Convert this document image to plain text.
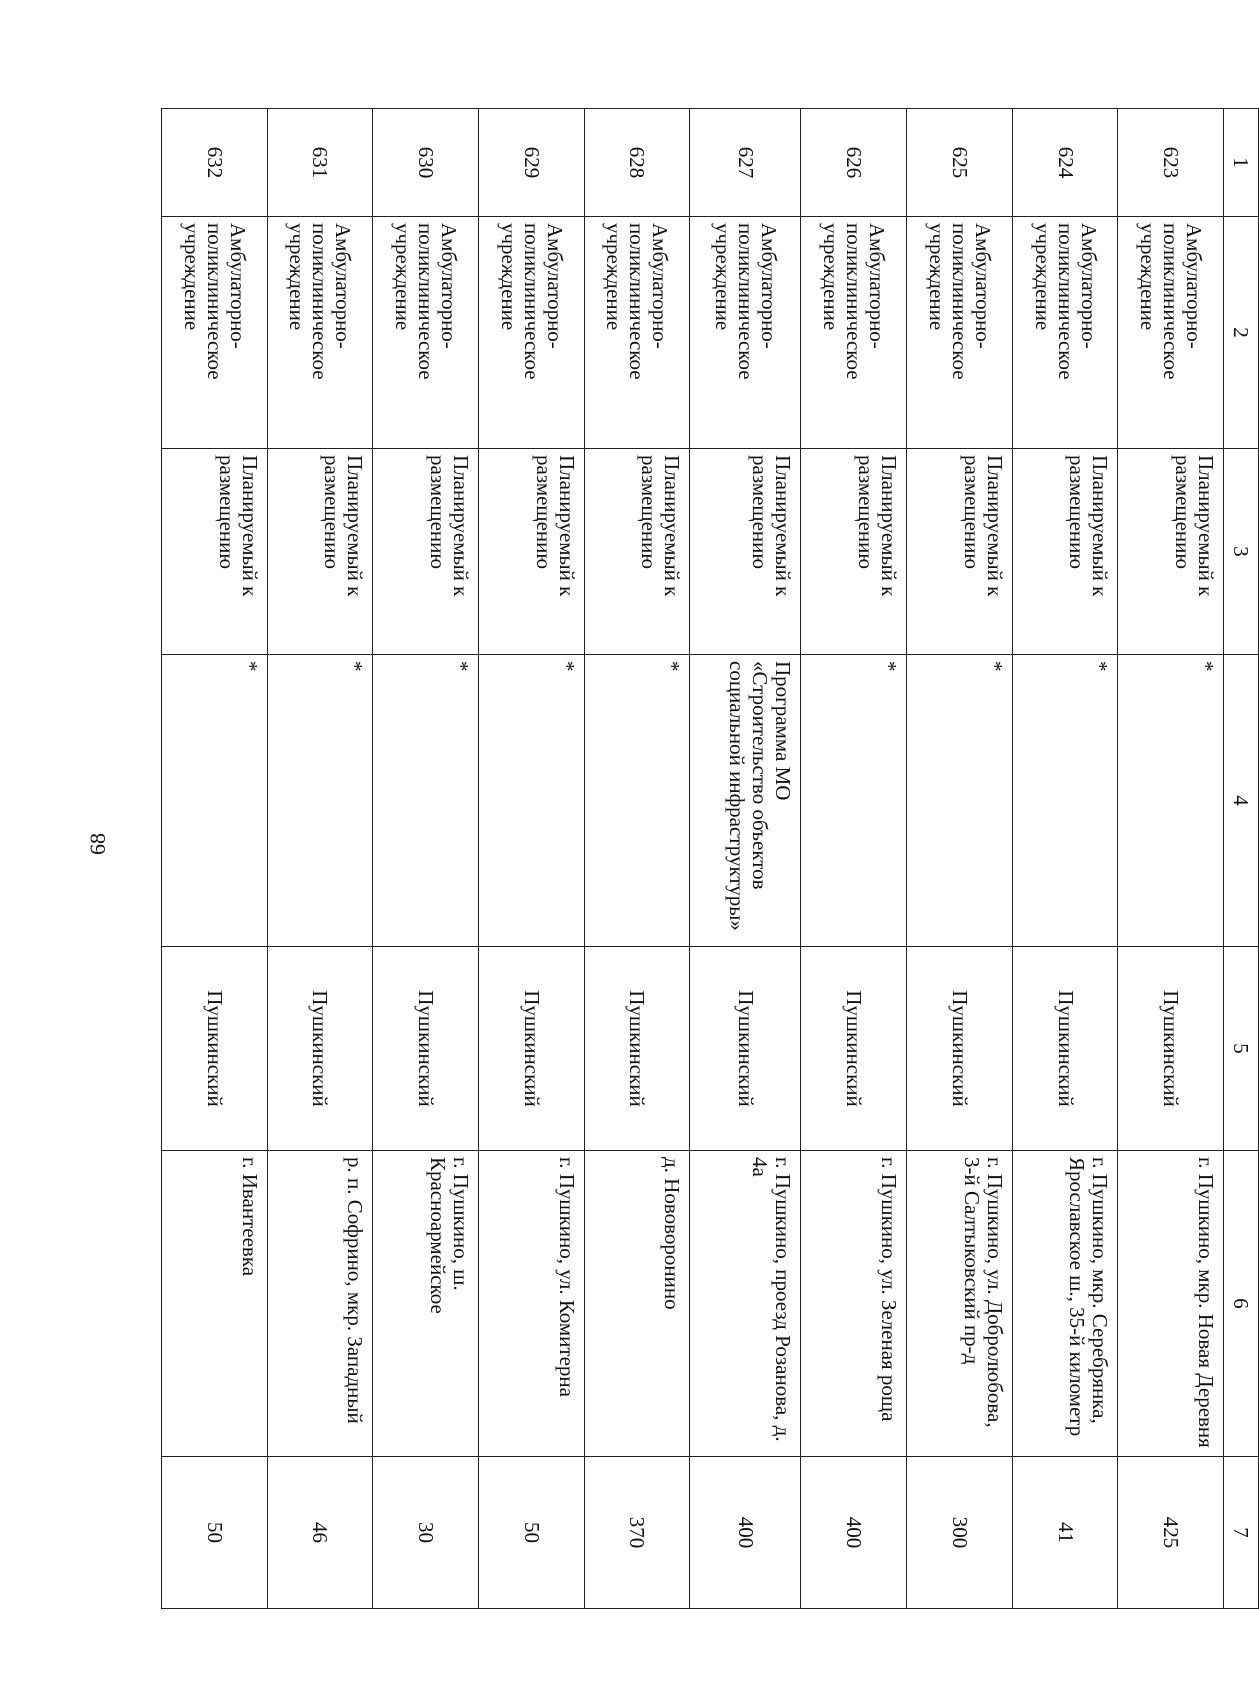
68
1	2	3	4	5	6	7
623	Амбулаторно-поликлиническое учреждение	Планируемый к размещению	*	Пушкинский	г. Пушкино, мкр. Новая Деревня	425
624	Амбулаторно-поликлиническое учреждение	Планируемый к размещению	*	Пушкинский	г. Пушкино, мкр. Серебрянка, Ярославское ш., 35-й километр	41
625	Амбулаторно-поликлиническое учреждение	Планируемый к размещению	*	Пушкинский	г. Пушкино, ул. Добролюбова, 3-й Салтыковский пр-д	300
626	Амбулаторно-поликлиническое учреждение	Планируемый к размещению	*	Пушкинский	г. Пушкино, ул. Зеленая роща	400
627	Амбулаторно-поликлиническое учреждение	Планируемый к размещению	Программа МО «Строительство объектов социальной инфраструктуры»	Пушкинский	г. Пушкино, проезд Розанова, д. 4а	400
628	Амбулаторно-поликлиническое учреждение	Планируемый к размещению	*	Пушкинский	д. Нововоронино	370
629	Амбулаторно-поликлиническое учреждение	Планируемый к размещению	*	Пушкинский	г. Пушкино, ул. Комитерна	50
630	Амбулаторно-поликлиническое учреждение	Планируемый к размещению	*	Пушкинский	г. Пушкино, ш. Красноармейское	30
631	Амбулаторно-поликлиническое учреждение	Планируемый к размещению	*	Пушкинский	р. п. Софрино, мкр. Западный	46
632	Амбулаторно-поликлиническое учреждение	Планируемый к размещению	*	Пушкинский	г. Ивантеевка	50
